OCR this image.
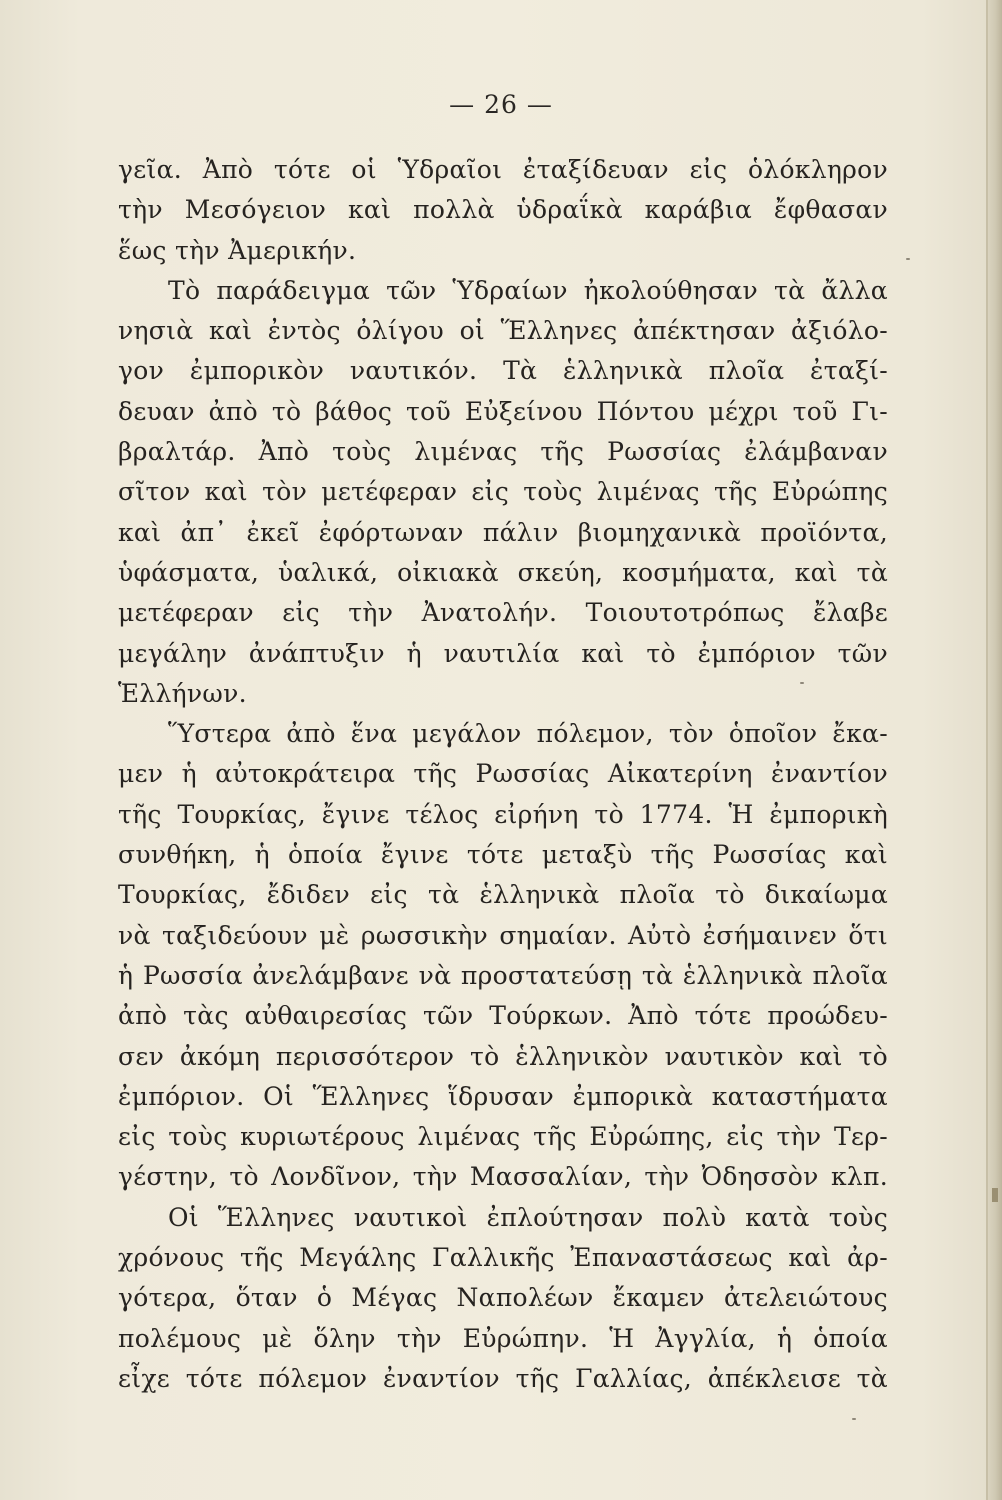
— 26 —
γεῖα. Ἀπὸ τότε οἱ Ὑδραῖοι ἐταξίδευαν εἰς ὁλόκληρον
τὴν Μεσόγειον καὶ πολλὰ ὑδραΐκὰ καράβια ἔφθασαν
ἕως τὴν Ἀμερικήν.
Τὸ παράδειγμα τῶν Ὑδραίων ἠκολούθησαν τὰ ἄλλα
νησιὰ καὶ ἐντὸς ὀλίγου οἱ Ἕλληνες ἀπέκτησαν ἀξιόλο-
γον ἐμπορικὸν ναυτικόν. Τὰ ἑλληνικὰ πλοῖα ἐταξί-
δευαν ἀπὸ τὸ βάθος τοῦ Εὐξείνου Πόντου μέχρι τοῦ Γι-
βραλτάρ. Ἀπὸ τοὺς λιμένας τῆς Ρωσσίας ἐλάμβαναν
σῖτον καὶ τὸν μετέφεραν εἰς τοὺς λιμένας τῆς Εὐρώπης
καὶ ἀπ᾽ ἐκεῖ ἐφόρτωναν πάλιν βιομηχανικὰ προϊόντα,
ὑφάσματα, ὑαλικά, οἰκιακὰ σκεύη, κοσμήματα, καὶ τὰ
μετέφεραν εἰς τὴν Ἀνατολήν. Τοιουτοτρόπως ἔλαβε
μεγάλην ἀνάπτυξιν ἡ ναυτιλία καὶ τὸ ἐμπόριον τῶν
Ἑλλήνων.
Ὕστερα ἀπὸ ἕνα μεγάλον πόλεμον, τὸν ὁποῖον ἔκα-
μεν ἡ αὐτοκράτειρα τῆς Ρωσσίας Αἰκατερίνη ἐναντίον
τῆς Τουρκίας, ἔγινε τέλος εἰρήνη τὸ 1774. Ἡ ἐμπορικὴ
συνθήκη, ἡ ὁποία ἔγινε τότε μεταξὺ τῆς Ρωσσίας καὶ
Τουρκίας, ἔδιδεν εἰς τὰ ἑλληνικὰ πλοῖα τὸ δικαίωμα
νὰ ταξιδεύουν μὲ ρωσσικὴν σημαίαν. Αὐτὸ ἐσήμαινεν ὅτι
ἡ Ρωσσία ἀνελάμβανε νὰ προστατεύσῃ τὰ ἑλληνικὰ πλοῖα
ἀπὸ τὰς αὐθαιρεσίας τῶν Τούρκων. Ἀπὸ τότε προώδευ-
σεν ἀκόμη περισσότερον τὸ ἑλληνικὸν ναυτικὸν καὶ τὸ
ἐμπόριον. Οἱ Ἕλληνες ἵδρυσαν ἐμπορικὰ καταστήματα
εἰς τοὺς κυριωτέρους λιμένας τῆς Εὐρώπης, εἰς τὴν Τερ-
γέστην, τὸ Λονδῖνον, τὴν Μασσαλίαν, τὴν Ὀδησσὸν κλπ.
Οἱ Ἕλληνες ναυτικοὶ ἐπλούτησαν πολὺ κατὰ τοὺς
χρόνους τῆς Μεγάλης Γαλλικῆς Ἐπαναστάσεως καὶ ἀρ-
γότερα, ὅταν ὁ Μέγας Ναπολέων ἔκαμεν ἀτελειώτους
πολέμους μὲ ὅλην τὴν Εὐρώπην. Ἡ Ἀγγλία, ἡ ὁποία
εἶχε τότε πόλεμον ἐναντίον τῆς Γαλλίας, ἀπέκλεισε τὰ
